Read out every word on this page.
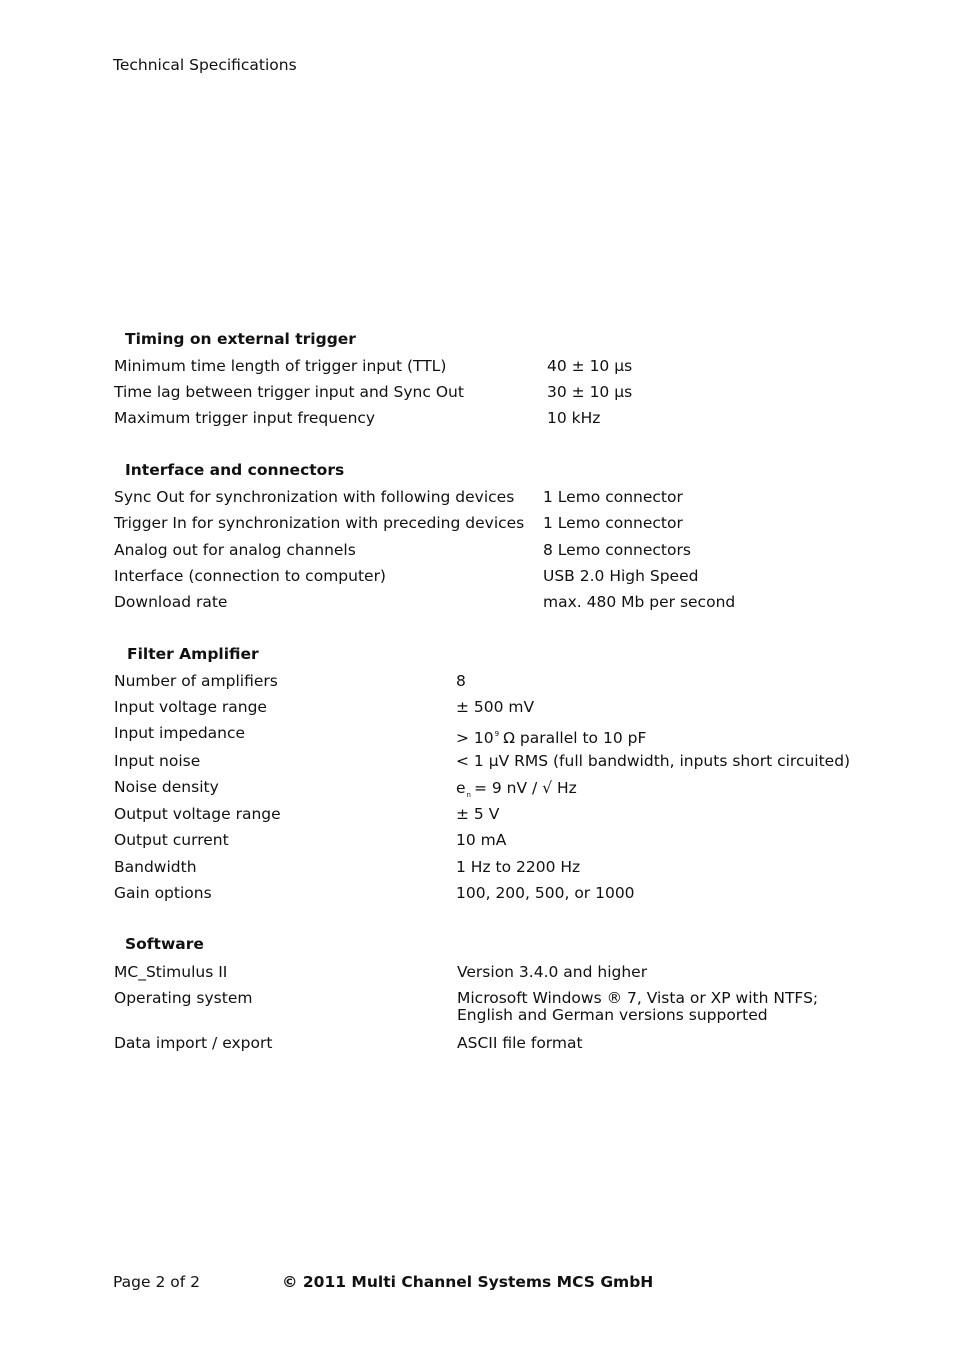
Technical Specifications
Timing on external trigger
Minimum time length of trigger input (TTL)	40 ± 10 µs
Time lag between trigger input and Sync Out	30 ± 10 µs
Maximum trigger input frequency	10 kHz
Interface and connectors
Sync Out for synchronization with following devices 1 Lemo connector
Trigger In for synchronization with preceding devices 1 Lemo connector
Analog out for analog channels	8 Lemo connectors
Interface (connection to computer)	USB 2.0 High Speed
Download rate	max. 480 Mb per second
Filter Amplifier
Number of amplifiers	8
Input voltage range	± 500 mV
Input impedance	> $10^9$ Ω parallel to 10 pF
Input noise	< 1 µV RMS (full bandwidth, inputs short circuited)
Noise density	$e_n = 9$ nV / √ Hz
Output voltage range	± 5 V
Output current	10 mA
Bandwidth	1 Hz to 2200 Hz
Gain options	100, 200, 500, or 1000
Software
MC_Stimulus II	Version 3.4.0 and higher
Operating system	Microsoft Windows ® 7, Vista or XP with NTFS;
English and German versions supported
Data import / export	ASCII file format
Page 2 of 2	© 2011 Multi Channel Systems MCS GmbH
